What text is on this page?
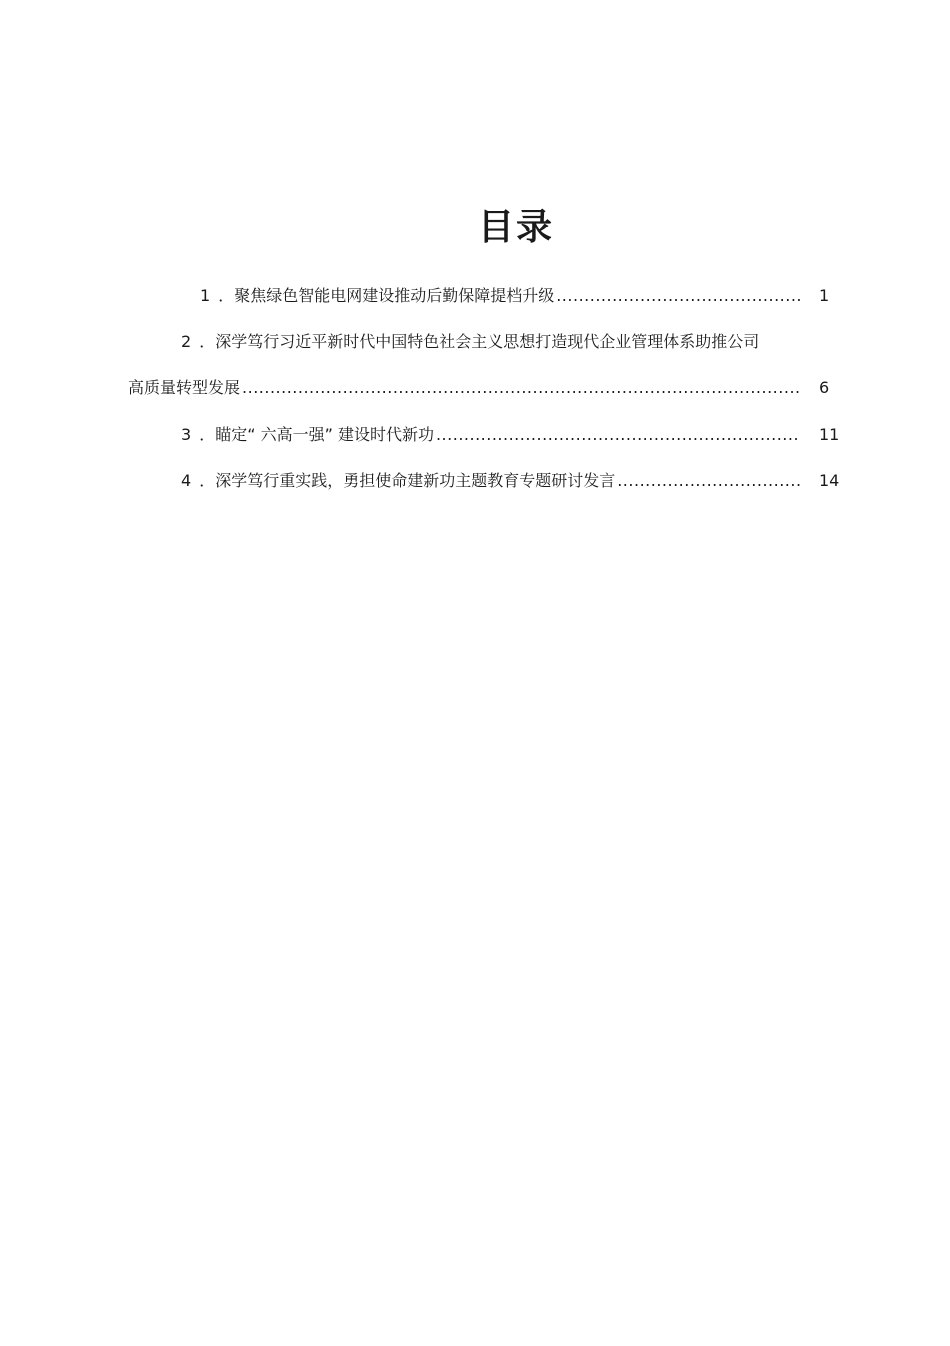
目录
1 ． 聚焦绿色智能电网建设推动后勤保障提档升级 .....	1
2 ． 深学笃行习近平新时代中国特色社会主义思想打造现代企业管理体系助推公司
高质量转型发展 .....	6
3 ． 瞄定“ 六高一强” 建设时代新功 .....	11
4 ． 深学笃行重实践，勇担使命建新功主题教育专题研讨发言 .....	14
